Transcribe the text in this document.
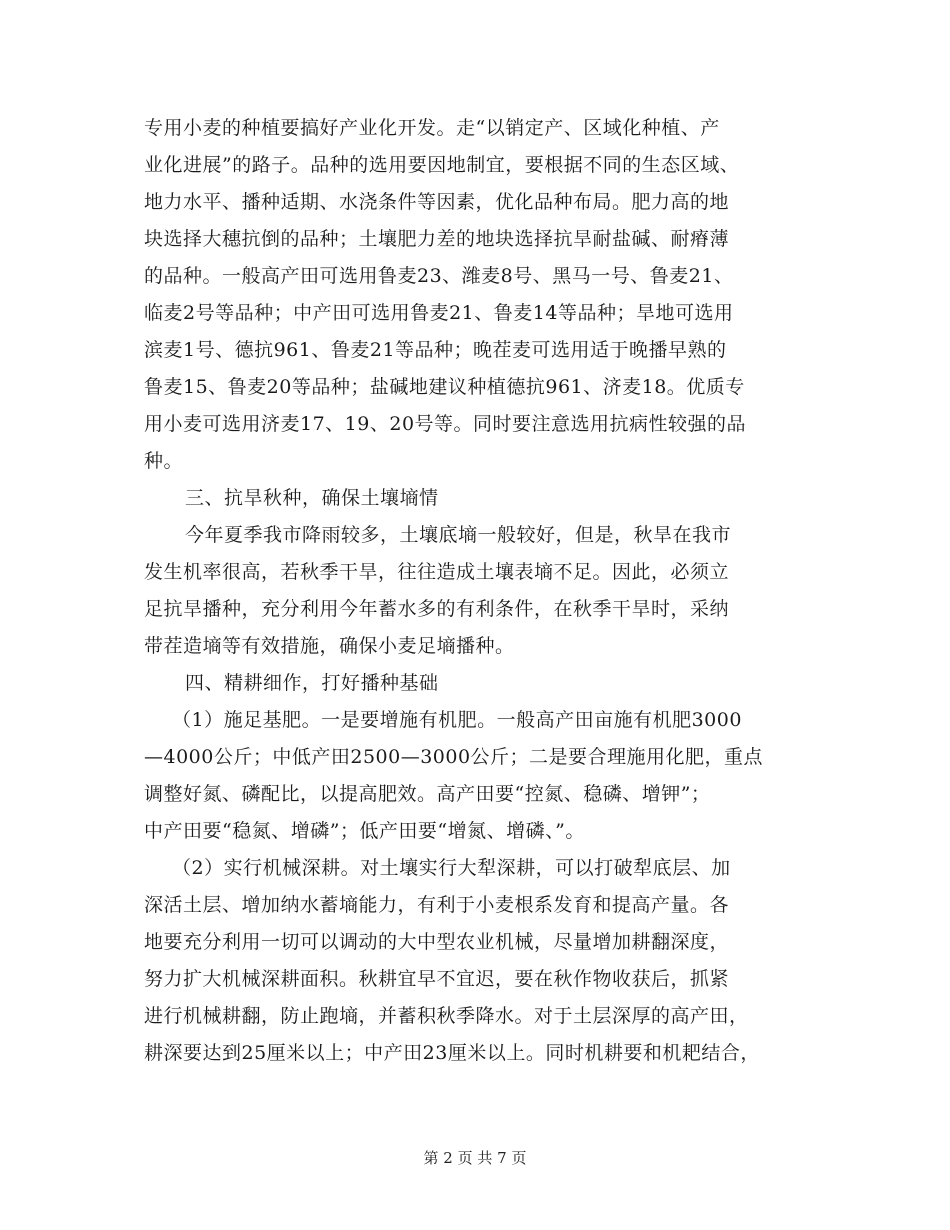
专用小麦的种植要搞好产业化开发。走“以销定产、区域化种植、产
业化进展”的路子。品种的选用要因地制宜，要根据不同的生态区域、
地力水平、播种适期、水浇条件等因素，优化品种布局。肥力高的地
块选择大穗抗倒的品种；土壤肥力差的地块选择抗旱耐盐碱、耐瘠薄
的品种。一般高产田可选用鲁麦23、潍麦8号、黑马一号、鲁麦21、
临麦2号等品种；中产田可选用鲁麦21、鲁麦14等品种；旱地可选用
滨麦1号、德抗961、鲁麦21等品种；晚茬麦可选用适于晚播早熟的
鲁麦15、鲁麦20等品种；盐碱地建议种植德抗961、济麦18。优质专
用小麦可选用济麦17、19、20号等。同时要注意选用抗病性较强的品
种。
三、抗旱秋种，确保土壤墒情
今年夏季我市降雨较多，土壤底墒一般较好，但是，秋旱在我市
发生机率很高，若秋季干旱，往往造成土壤表墒不足。因此，必须立
足抗旱播种，充分利用今年蓄水多的有利条件，在秋季干旱时，采纳
带茬造墒等有效措施，确保小麦足墒播种。
四、精耕细作，打好播种基础
（1）施足基肥。一是要增施有机肥。一般高产田亩施有机肥3000
—4000公斤；中低产田2500—3000公斤；二是要合理施用化肥，重点
调整好氮、磷配比，以提高肥效。高产田要“控氮、稳磷、增钾”；
中产田要“稳氮、增磷”；低产田要“增氮、增磷、”。
（2）实行机械深耕。对土壤实行大犁深耕，可以打破犁底层、加
深活土层、增加纳水蓄墒能力，有利于小麦根系发育和提高产量。各
地要充分利用一切可以调动的大中型农业机械，尽量增加耕翻深度，
努力扩大机械深耕面积。秋耕宜早不宜迟，要在秋作物收获后，抓紧
进行机械耕翻，防止跑墒，并蓄积秋季降水。对于土层深厚的高产田，
耕深要达到25厘米以上；中产田23厘米以上。同时机耕要和机耙结合，
第 2 页 共 7 页
